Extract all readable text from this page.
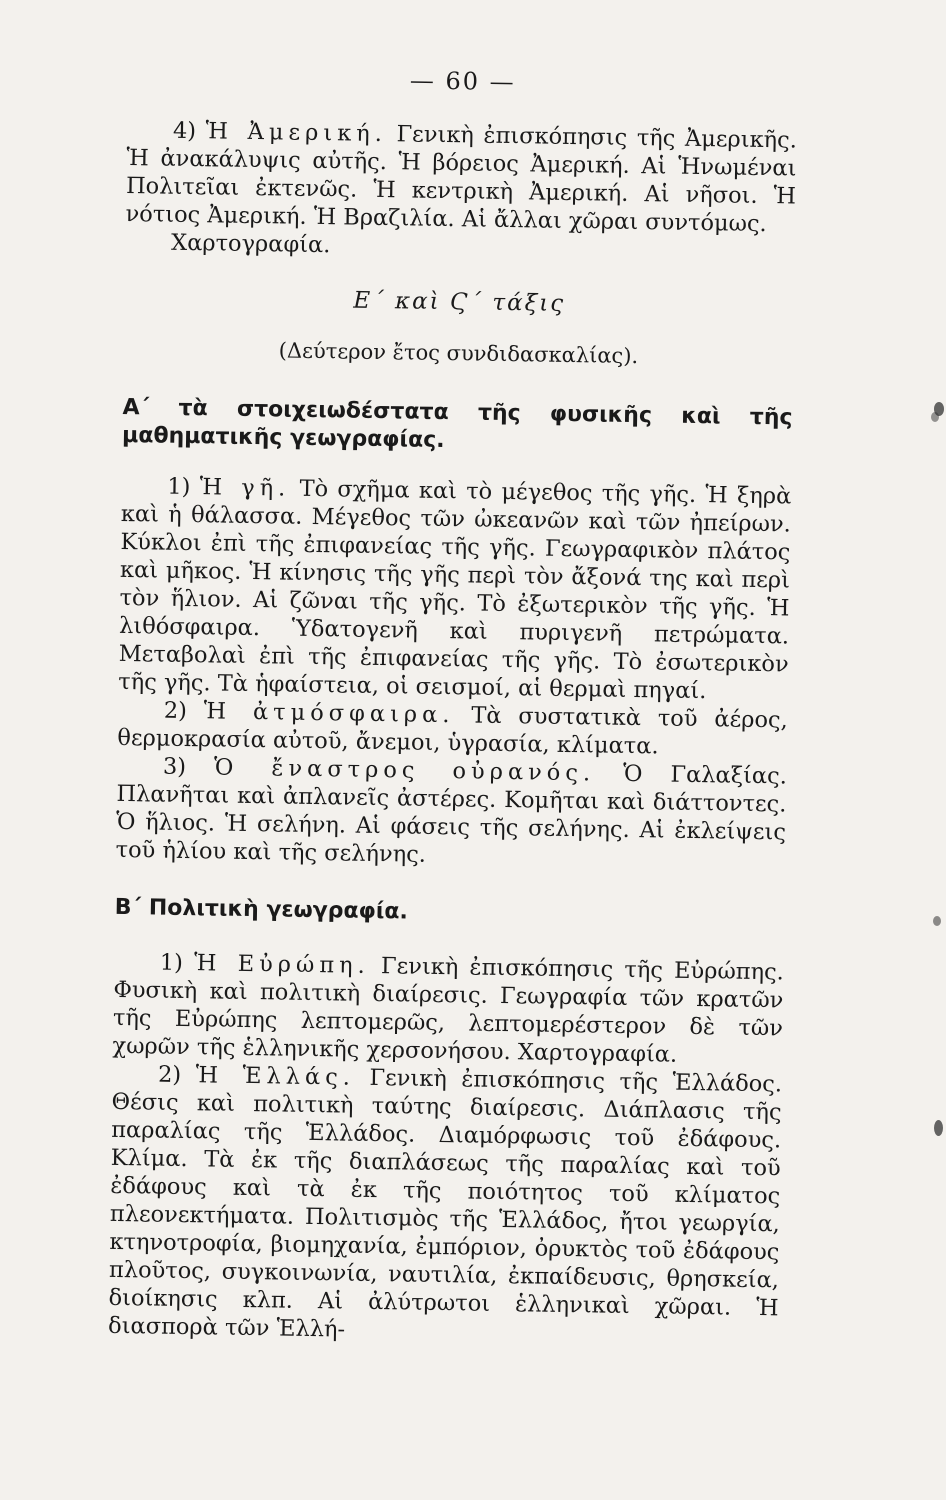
— 60 —

4) Ἡ Ἀμερική. Γενικὴ ἐπισκόπησις τῆς Ἀμερικῆς. Ἡ ἀνακάλυψις αὐτῆς. Ἡ βόρειος Ἀμερική. Αἱ Ἡνωμέναι Πολιτεῖαι ἐκτενῶς. Ἡ κεντρικὴ Ἀμερική. Αἱ νῆσοι. Ἡ νότιος Ἀμερική. Ἡ Βραζιλία. Αἱ ἄλλαι χῶραι συντόμως.

Χαρτογραφία.

Ε΄ καὶ Ϛ΄ τάξις
(Δεύτερον ἔτος συνδιδασκαλίας).
Α΄ τὰ στοιχειωδέστατα τῆς φυσικῆς καὶ τῆς μαθηματικῆς γεωγραφίας.

1) Ἡ γῆ. Τὸ σχῆμα καὶ τὸ μέγεθος τῆς γῆς. Ἡ ξηρὰ καὶ ἡ θάλασσα. Μέγεθος τῶν ὠκεανῶν καὶ τῶν ἠπείρων. Κύκλοι ἐπὶ τῆς ἐπιφανείας τῆς γῆς. Γεωγραφικὸν πλάτος καὶ μῆκος. Ἡ κίνησις τῆς γῆς περὶ τὸν ἄξονά της καὶ περὶ τὸν ἥλιον. Αἱ ζῶναι τῆς γῆς. Τὸ ἐξωτερικὸν τῆς γῆς. Ἡ λιθόσφαιρα. Ὑδατογενῆ καὶ πυριγενῆ πετρώματα. Μεταβολαὶ ἐπὶ τῆς ἐπιφανείας τῆς γῆς. Τὸ ἐσωτερικὸν τῆς γῆς. Τὰ ἡφαίστεια, οἱ σεισμοί, αἱ θερμαὶ πηγαί.

2) Ἡ ἀτμόσφαιρα. Τὰ συστατικὰ τοῦ ἀέρος, θερμοκρασία αὐτοῦ, ἄνεμοι, ὑγρασία, κλίματα.

3) Ὁ ἔναστρος οὐρανός. Ὁ Γαλαξίας. Πλανῆται καὶ ἀπλανεῖς ἀστέρες. Κομῆται καὶ διάττοντες. Ὁ ἥλιος. Ἡ σελήνη. Αἱ φάσεις τῆς σελήνης. Αἱ ἐκλείψεις τοῦ ἡλίου καὶ τῆς σελήνης.

Β΄ Πολιτικὴ γεωγραφία.

1) Ἡ Εὐρώπη. Γενικὴ ἐπισκόπησις τῆς Εὐρώπης. Φυσικὴ καὶ πολιτικὴ διαίρεσις. Γεωγραφία τῶν κρατῶν τῆς Εὐρώπης λεπτομερῶς, λεπτομερέστερον δὲ τῶν χωρῶν τῆς ἑλληνικῆς χερσονήσου. Χαρτογραφία.

2) Ἡ Ἑλλάς. Γενικὴ ἐπισκόπησις τῆς Ἑλλάδος. Θέσις καὶ πολιτικὴ ταύτης διαίρεσις. Διάπλασις τῆς παραλίας τῆς Ἑλλάδος. Διαμόρφωσις τοῦ ἐδάφους. Κλίμα. Τὰ ἐκ τῆς διαπλάσεως τῆς παραλίας καὶ τοῦ ἐδάφους καὶ τὰ ἐκ τῆς ποιότητος τοῦ κλίματος πλεονεκτήματα. Πολιτισμὸς τῆς Ἑλλάδος, ἤτοι γεωργία, κτηνοτροφία, βιομηχανία, ἐμπόριον, ὀρυκτὸς τοῦ ἐδάφους πλοῦτος, συγκοινωνία, ναυτιλία, ἐκπαίδευσις, θρησκεία, διοίκησις κλπ. Αἱ ἀλύτρωτοι ἑλληνικαὶ χῶραι. Ἡ διασπορὰ τῶν Ἑλλή-
